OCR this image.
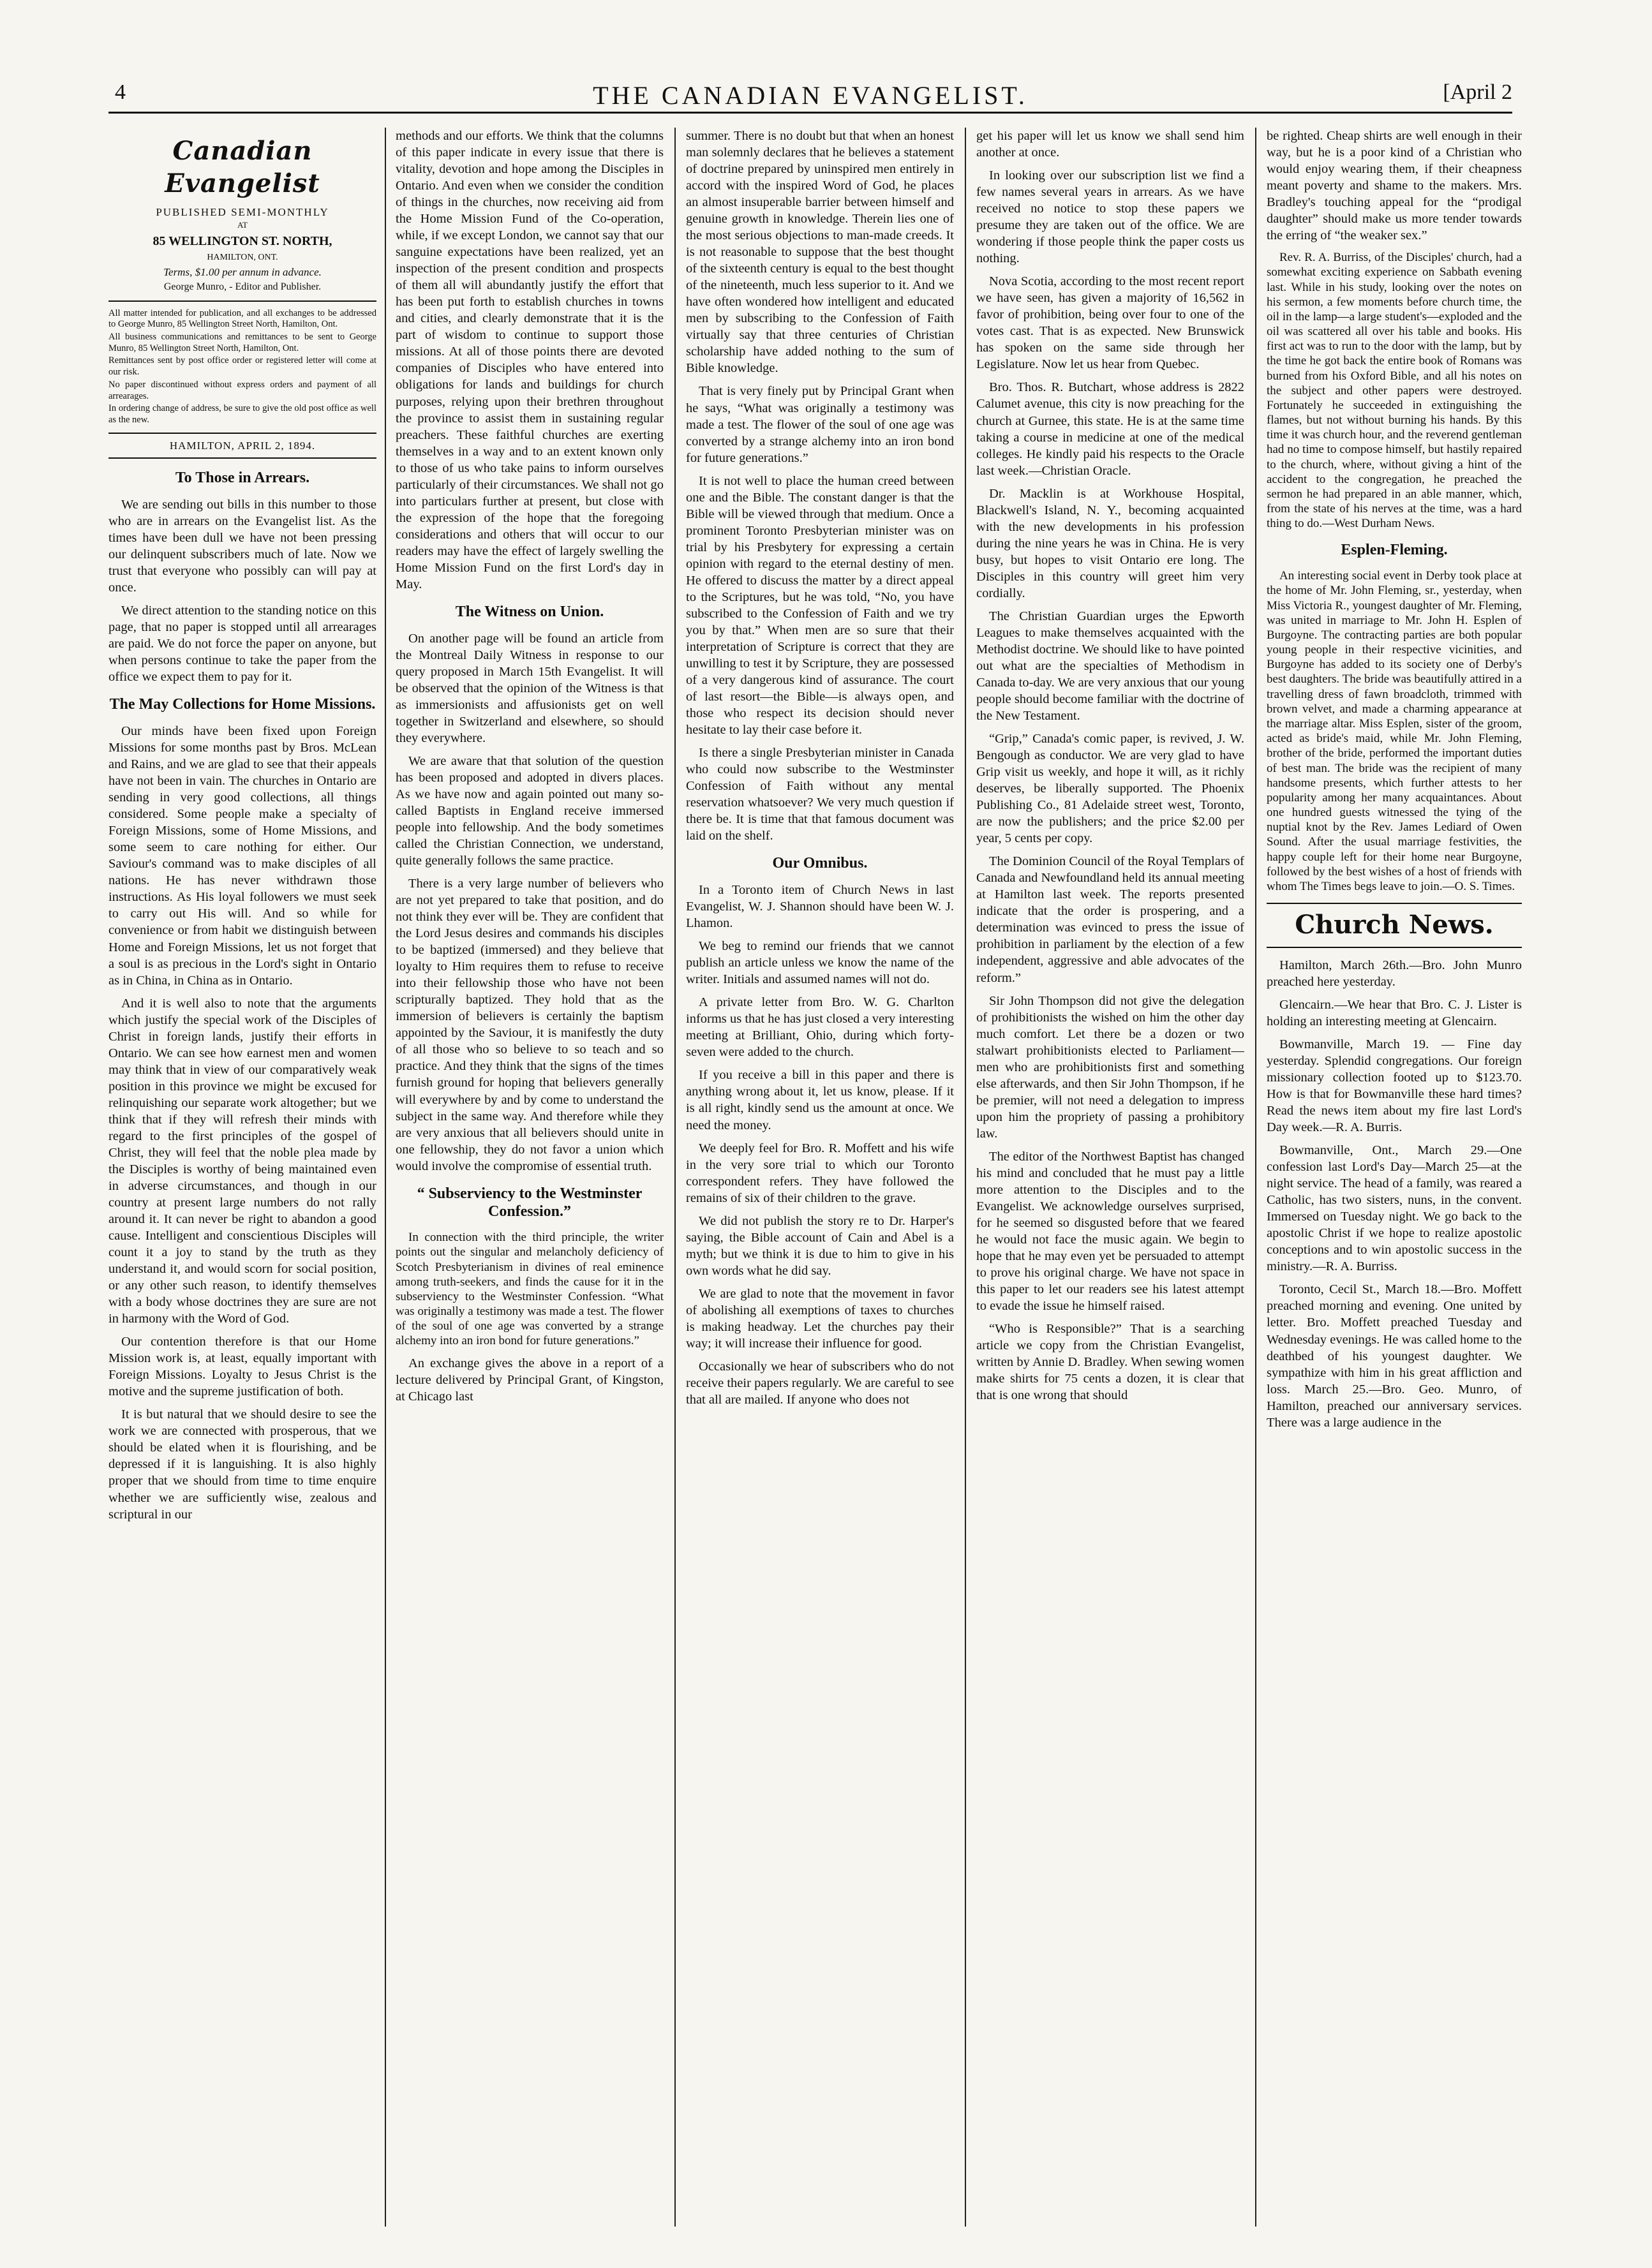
4	THE CANADIAN EVANGELIST.	[April 2
Canadian Evangelist
PUBLISHED SEMI-MONTHLY
AT
85 WELLINGTON ST. NORTH,
HAMILTON, ONT.
Terms, $1.00 per annum in advance.
George Munro, - Editor and Publisher.
All matter intended for publication, and all exchanges to be addressed to George Munro, 85 Wellington Street North, Hamilton, Ont.
All business communications and remittances to be sent to George Munro, 85 Wellington Street North, Hamilton, Ont.
Remittances sent by post office order or registered letter will come at our risk.
No paper discontinued without express orders and payment of all arrearages.
In ordering change of address, be sure to give the old post office as well as the new.
HAMILTON, APRIL 2, 1894.
To Those in Arrears.

We are sending out bills in this number to those who are in arrears on the Evangelist list. As the times have been dull we have not been pressing our delinquent subscribers much of late. Now we trust that everyone who possibly can will pay at once.

We direct attention to the standing notice on this page, that no paper is stopped until all arrearages are paid. We do not force the paper on anyone, but when persons continue to take the paper from the office we expect them to pay for it.

The May Collections for Home Missions.

Our minds have been fixed upon Foreign Missions for some months past by Bros. McLean and Rains, and we are glad to see that their appeals have not been in vain. The churches in Ontario are sending in very good collections, all things considered. Some people make a specialty of Foreign Missions, some of Home Missions, and some seem to care nothing for either. Our Saviour's command was to make disciples of all nations. He has never withdrawn those instructions. As His loyal followers we must seek to carry out His will. And so while for convenience or from habit we distinguish between Home and Foreign Missions, let us not forget that a soul is as precious in the Lord's sight in Ontario as in China, in China as in Ontario.

And it is well also to note that the arguments which justify the special work of the Disciples of Christ in foreign lands, justify their efforts in Ontario. We can see how earnest men and women may think that in view of our comparatively weak position in this province we might be excused for relinquishing our separate work altogether; but we think that if they will refresh their minds with regard to the first principles of the gospel of Christ, they will feel that the noble plea made by the Disciples is worthy of being maintained even in adverse circumstances, and though in our country at present large numbers do not rally around it. It can never be right to abandon a good cause. Intelligent and conscientious Disciples will count it a joy to stand by the truth as they understand it, and would scorn for social position, or any other such reason, to identify themselves with a body whose doctrines they are sure are not in harmony with the Word of God.

Our contention therefore is that our Home Mission work is, at least, equally important with Foreign Missions. Loyalty to Jesus Christ is the motive and the supreme justification of both.

It is but natural that we should desire to see the work we are connected with prosperous, that we should be elated when it is flourishing, and be depressed if it is languishing. It is also highly proper that we should from time to time enquire whether we are sufficiently wise, zealous and scriptural in our

methods and our efforts. We think that the columns of this paper indicate in every issue that there is vitality, devotion and hope among the Disciples in Ontario. And even when we consider the condition of things in the churches, now receiving aid from the Home Mission Fund of the Co-operation, while, if we except London, we cannot say that our sanguine expectations have been realized, yet an inspection of the present condition and prospects of them all will abundantly justify the effort that has been put forth to establish churches in towns and cities, and clearly demonstrate that it is the part of wisdom to continue to support those missions. At all of those points there are devoted companies of Disciples who have entered into obligations for lands and buildings for church purposes, relying upon their brethren throughout the province to assist them in sustaining regular preachers. These faithful churches are exerting themselves in a way and to an extent known only to those of us who take pains to inform ourselves particularly of their circumstances. We shall not go into particulars further at present, but close with the expression of the hope that the foregoing considerations and others that will occur to our readers may have the effect of largely swelling the Home Mission Fund on the first Lord's day in May.

The Witness on Union.

On another page will be found an article from the Montreal Daily Witness in response to our query proposed in March 15th Evangelist. It will be observed that the opinion of the Witness is that as immersionists and affusionists get on well together in Switzerland and elsewhere, so should they everywhere.

We are aware that that solution of the question has been proposed and adopted in divers places. As we have now and again pointed out many so-called Baptists in England receive immersed people into fellowship. And the body sometimes called the Christian Connection, we understand, quite generally follows the same practice.

There is a very large number of believers who are not yet prepared to take that position, and do not think they ever will be. They are confident that the Lord Jesus desires and commands his disciples to be baptized (immersed) and they believe that loyalty to Him requires them to refuse to receive into their fellowship those who have not been scripturally baptized. They hold that as the immersion of believers is certainly the baptism appointed by the Saviour, it is manifestly the duty of all those who so believe to so teach and so practice. And they think that the signs of the times furnish ground for hoping that believers generally will everywhere by and by come to understand the subject in the same way. And therefore while they are very anxious that all believers should unite in one fellowship, they do not favor a union which would involve the compromise of essential truth.

“ Subserviency to the Westminster Confession.”

In connection with the third principle, the writer points out the singular and melancholy deficiency of Scotch Presbyterianism in divines of real eminence among truth-seekers, and finds the cause for it in the subserviency to the Westminster Confession. “What was originally a testimony was made a test. The flower of the soul of one age was converted by a strange alchemy into an iron bond for future generations.”

An exchange gives the above in a report of a lecture delivered by Principal Grant, of Kingston, at Chicago last

summer. There is no doubt but that when an honest man solemnly declares that he believes a statement of doctrine prepared by uninspired men entirely in accord with the inspired Word of God, he places an almost insuperable barrier between himself and genuine growth in knowledge. Therein lies one of the most serious objections to man-made creeds. It is not reasonable to suppose that the best thought of the sixteenth century is equal to the best thought of the nineteenth, much less superior to it. And we have often wondered how intelligent and educated men by subscribing to the Confession of Faith virtually say that three centuries of Christian scholarship have added nothing to the sum of Bible knowledge.

That is very finely put by Principal Grant when he says, “What was originally a testimony was made a test. The flower of the soul of one age was converted by a strange alchemy into an iron bond for future generations.”

It is not well to place the human creed between one and the Bible. The constant danger is that the Bible will be viewed through that medium. Once a prominent Toronto Presbyterian minister was on trial by his Presbytery for expressing a certain opinion with regard to the eternal destiny of men. He offered to discuss the matter by a direct appeal to the Scriptures, but he was told, “No, you have subscribed to the Confession of Faith and we try you by that.” When men are so sure that their interpretation of Scripture is correct that they are unwilling to test it by Scripture, they are possessed of a very dangerous kind of assurance. The court of last resort—the Bible—is always open, and those who respect its decision should never hesitate to lay their case before it.

Is there a single Presbyterian minister in Canada who could now subscribe to the Westminster Confession of Faith without any mental reservation whatsoever? We very much question if there be. It is time that that famous document was laid on the shelf.

Our Omnibus.

In a Toronto item of Church News in last Evangelist, W. J. Shannon should have been W. J. Lhamon.

We beg to remind our friends that we cannot publish an article unless we know the name of the writer. Initials and assumed names will not do.

A private letter from Bro. W. G. Charlton informs us that he has just closed a very interesting meeting at Brilliant, Ohio, during which forty-seven were added to the church.

If you receive a bill in this paper and there is anything wrong about it, let us know, please. If it is all right, kindly send us the amount at once. We need the money.

We deeply feel for Bro. R. Moffett and his wife in the very sore trial to which our Toronto correspondent refers. They have followed the remains of six of their children to the grave.

We did not publish the story re to Dr. Harper's saying, the Bible account of Cain and Abel is a myth; but we think it is due to him to give in his own words what he did say.

We are glad to note that the movement in favor of abolishing all exemptions of taxes to churches is making headway. Let the churches pay their way; it will increase their influence for good.

Occasionally we hear of subscribers who do not receive their papers regularly. We are careful to see that all are mailed. If anyone who does not

get his paper will let us know we shall send him another at once.

In looking over our subscription list we find a few names several years in arrears. As we have received no notice to stop these papers we presume they are taken out of the office. We are wondering if those people think the paper costs us nothing.

Nova Scotia, according to the most recent report we have seen, has given a majority of 16,562 in favor of prohibition, being over four to one of the votes cast. That is as expected. New Brunswick has spoken on the same side through her Legislature. Now let us hear from Quebec.

Bro. Thos. R. Butchart, whose address is 2822 Calumet avenue, this city is now preaching for the church at Gurnee, this state. He is at the same time taking a course in medicine at one of the medical colleges. He kindly paid his respects to the Oracle last week.—Christian Oracle.

Dr. Macklin is at Workhouse Hospital, Blackwell's Island, N. Y., becoming acquainted with the new developments in his profession during the nine years he was in China. He is very busy, but hopes to visit Ontario ere long. The Disciples in this country will greet him very cordially.

The Christian Guardian urges the Epworth Leagues to make themselves acquainted with the Methodist doctrine. We should like to have pointed out what are the specialties of Methodism in Canada to-day. We are very anxious that our young people should become familiar with the doctrine of the New Testament.

“Grip,” Canada's comic paper, is revived, J. W. Bengough as conductor. We are very glad to have Grip visit us weekly, and hope it will, as it richly deserves, be liberally supported. The Phoenix Publishing Co., 81 Adelaide street west, Toronto, are now the publishers; and the price $2.00 per year, 5 cents per copy.

The Dominion Council of the Royal Templars of Canada and Newfoundland held its annual meeting at Hamilton last week. The reports presented indicate that the order is prospering, and a determination was evinced to press the issue of prohibition in parliament by the election of a few independent, aggressive and able advocates of the reform.”

Sir John Thompson did not give the delegation of prohibitionists the wished on him the other day much comfort. Let there be a dozen or two stalwart prohibitionists elected to Parliament—men who are prohibitionists first and something else afterwards, and then Sir John Thompson, if he be premier, will not need a delegation to impress upon him the propriety of passing a prohibitory law.

The editor of the Northwest Baptist has changed his mind and concluded that he must pay a little more attention to the Disciples and to the Evangelist. We acknowledge ourselves surprised, for he seemed so disgusted before that we feared he would not face the music again. We begin to hope that he may even yet be persuaded to attempt to prove his original charge. We have not space in this paper to let our readers see his latest attempt to evade the issue he himself raised.

“Who is Responsible?” That is a searching article we copy from the Christian Evangelist, written by Annie D. Bradley. When sewing women make shirts for 75 cents a dozen, it is clear that that is one wrong that should

be righted. Cheap shirts are well enough in their way, but he is a poor kind of a Christian who would enjoy wearing them, if their cheapness meant poverty and shame to the makers. Mrs. Bradley's touching appeal for the “prodigal daughter” should make us more tender towards the erring of “the weaker sex.”

Rev. R. A. Burriss, of the Disciples' church, had a somewhat exciting experience on Sabbath evening last. While in his study, looking over the notes on his sermon, a few moments before church time, the oil in the lamp—a large student's—exploded and the oil was scattered all over his table and books. His first act was to run to the door with the lamp, but by the time he got back the entire book of Romans was burned from his Oxford Bible, and all his notes on the subject and other papers were destroyed. Fortunately he succeeded in extinguishing the flames, but not without burning his hands. By this time it was church hour, and the reverend gentleman had no time to compose himself, but hastily repaired to the church, where, without giving a hint of the accident to the congregation, he preached the sermon he had prepared in an able manner, which, from the state of his nerves at the time, was a hard thing to do.—West Durham News.

Esplen-Fleming.

An interesting social event in Derby took place at the home of Mr. John Fleming, sr., yesterday, when Miss Victoria R., youngest daughter of Mr. Fleming, was united in marriage to Mr. John H. Esplen of Burgoyne. The contracting parties are both popular young people in their respective vicinities, and Burgoyne has added to its society one of Derby's best daughters. The bride was beautifully attired in a travelling dress of fawn broadcloth, trimmed with brown velvet, and made a charming appearance at the marriage altar. Miss Esplen, sister of the groom, acted as bride's maid, while Mr. John Fleming, brother of the bride, performed the important duties of best man. The bride was the recipient of many handsome presents, which further attests to her popularity among her many acquaintances. About one hundred guests witnessed the tying of the nuptial knot by the Rev. James Lediard of Owen Sound. After the usual marriage festivities, the happy couple left for their home near Burgoyne, followed by the best wishes of a host of friends with whom The Times begs leave to join.—O. S. Times.

Church News.

Hamilton, March 26th.—Bro. John Munro preached here yesterday.

Glencairn.—We hear that Bro. C. J. Lister is holding an interesting meeting at Glencairn.

Bowmanville, March 19. — Fine day yesterday. Splendid congregations. Our foreign missionary collection footed up to $123.70. How is that for Bowmanville these hard times? Read the news item about my fire last Lord's Day week.—R. A. Burris.

Bowmanville, Ont., March 29.—One confession last Lord's Day—March 25—at the night service. The head of a family, was reared a Catholic, has two sisters, nuns, in the convent. Immersed on Tuesday night. We go back to the apostolic Christ if we hope to realize apostolic conceptions and to win apostolic success in the ministry.—R. A. Burriss.

Toronto, Cecil St., March 18.—Bro. Moffett preached morning and evening. One united by letter. Bro. Moffett preached Tuesday and Wednesday evenings. He was called home to the deathbed of his youngest daughter. We sympathize with him in his great affliction and loss. March 25.—Bro. Geo. Munro, of Hamilton, preached our anniversary services. There was a large audience in the
